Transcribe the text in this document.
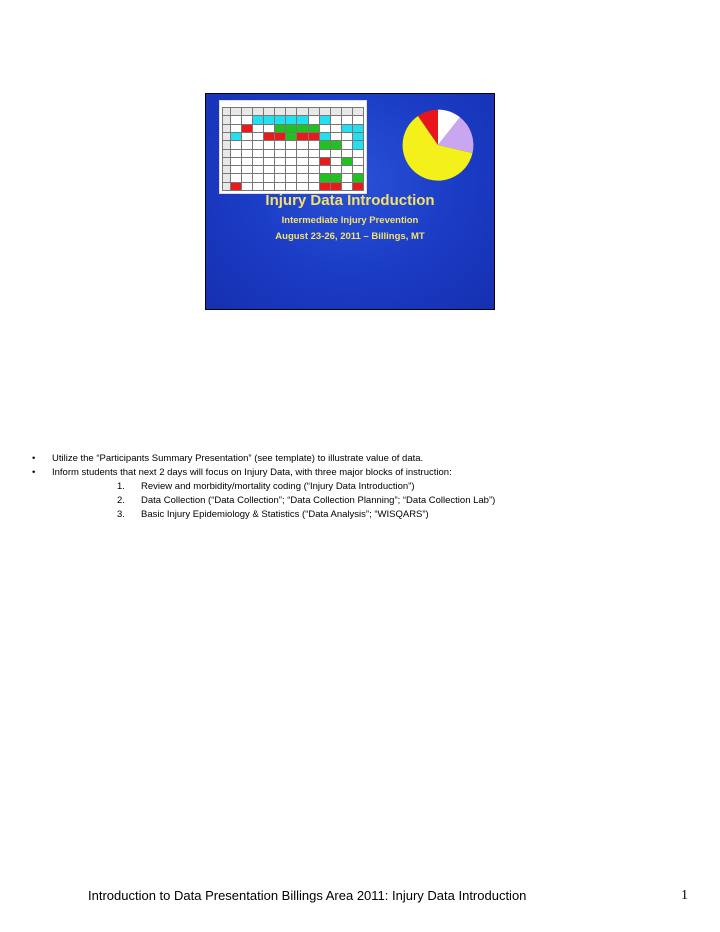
Injury Data Introduction
Intermediate Injury Prevention
August 23-26, 2011 – Billings, MT
• Utilize the “Participants Summary Presentation” (see template) to illustrate value of data.
• Inform students that next 2 days will focus on Injury Data, with three major blocks of instruction:
1. Review and morbidity/mortality coding (“Injury Data Introduction”)
2. Data Collection (“Data Collection”; “Data Collection Planning”; “Data Collection Lab”)
3. Basic Injury Epidemiology & Statistics (“Data Analysis”; “WISQARS”)
Introduction to Data Presentation Billings Area 2011: Injury Data Introduction	1
